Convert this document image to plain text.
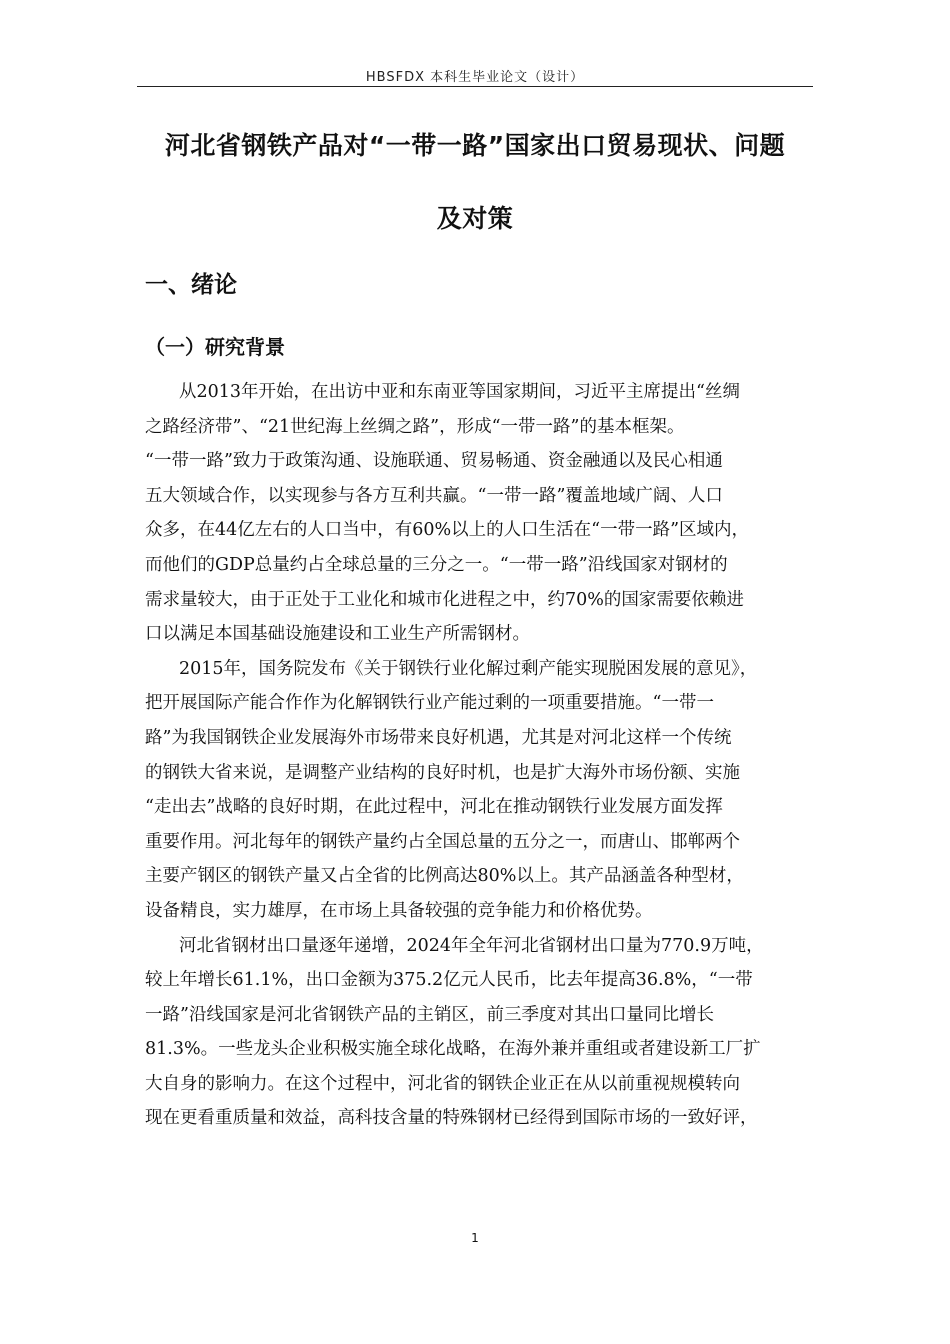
HBSFDX 本科生毕业论文（设计）
河北省钢铁产品对“一带一路”国家出口贸易现状、问题
及对策
一、绪论
（一）研究背景
从2013年开始，在出访中亚和东南亚等国家期间，习近平主席提出“丝绸
之路经济带”、“21世纪海上丝绸之路”，形成“一带一路”的基本框架。
“一带一路”致力于政策沟通、设施联通、贸易畅通、资金融通以及民心相通
五大领域合作，以实现参与各方互利共赢。“一带一路”覆盖地域广阔、人口
众多，在44亿左右的人口当中，有60%以上的人口生活在“一带一路”区域内，
而他们的GDP总量约占全球总量的三分之一。“一带一路”沿线国家对钢材的
需求量较大，由于正处于工业化和城市化进程之中，约70%的国家需要依赖进
口以满足本国基础设施建设和工业生产所需钢材。
2015年，国务院发布《关于钢铁行业化解过剩产能实现脱困发展的意见》，
把开展国际产能合作作为化解钢铁行业产能过剩的一项重要措施。“一带一
路”为我国钢铁企业发展海外市场带来良好机遇，尤其是对河北这样一个传统
的钢铁大省来说，是调整产业结构的良好时机，也是扩大海外市场份额、实施
“走出去”战略的良好时期，在此过程中，河北在推动钢铁行业发展方面发挥
重要作用。河北每年的钢铁产量约占全国总量的五分之一，而唐山、邯郸两个
主要产钢区的钢铁产量又占全省的比例高达80%以上。其产品涵盖各种型材，
设备精良，实力雄厚，在市场上具备较强的竞争能力和价格优势。
河北省钢材出口量逐年递增，2024年全年河北省钢材出口量为770.9万吨，
较上年增长61.1%，出口金额为375.2亿元人民币，比去年提高36.8%，“一带
一路”沿线国家是河北省钢铁产品的主销区，前三季度对其出口量同比增长
81.3%。一些龙头企业积极实施全球化战略，在海外兼并重组或者建设新工厂扩
大自身的影响力。在这个过程中，河北省的钢铁企业正在从以前重视规模转向
现在更看重质量和效益，高科技含量的特殊钢材已经得到国际市场的一致好评，
1
